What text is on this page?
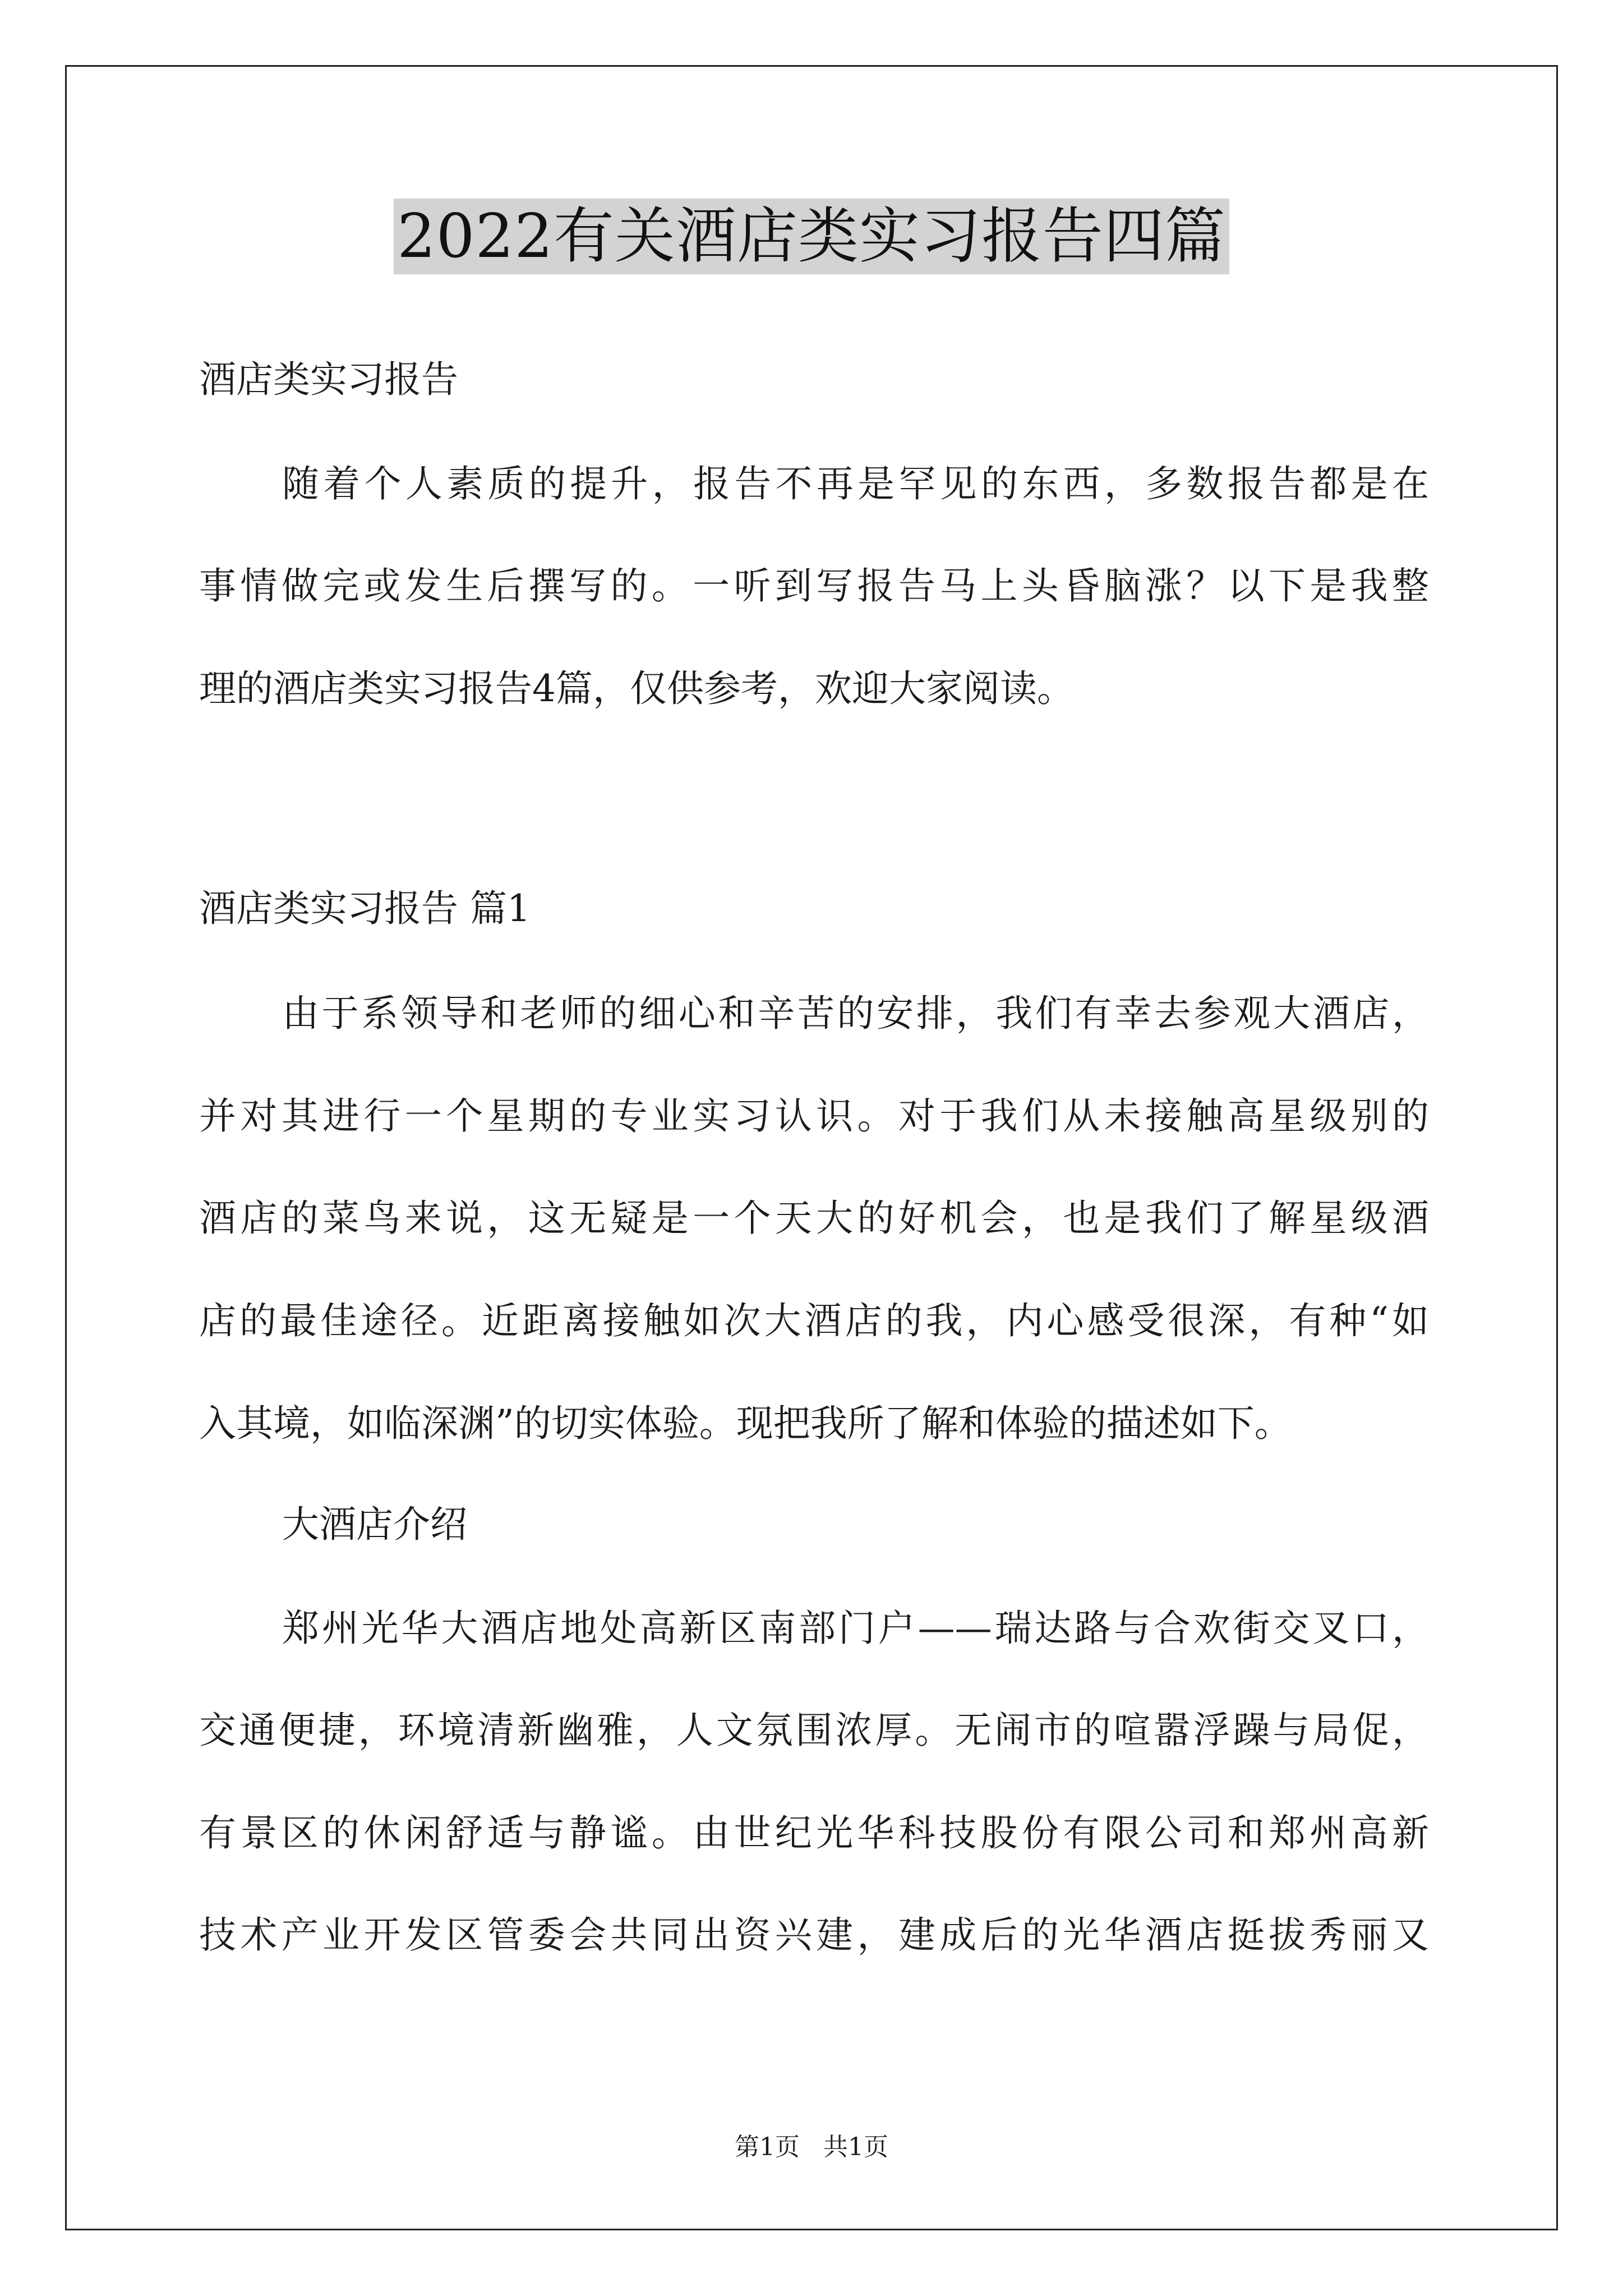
2022有关酒店类实习报告四篇
酒店类实习报告
随着个人素质的提升，报告不再是罕见的东西，多数报告都是在
事情做完或发生后撰写的。一听到写报告马上头昏脑涨？以下是我整
理的酒店类实习报告4篇，仅供参考，欢迎大家阅读。
酒店类实习报告 篇1
由于系领导和老师的细心和辛苦的安排，我们有幸去参观大酒店，
并对其进行一个星期的专业实习认识。对于我们从未接触高星级别的
酒店的菜鸟来说，这无疑是一个天大的好机会，也是我们了解星级酒
店的最佳途径。近距离接触如次大酒店的我，内心感受很深，有种“如
入其境，如临深渊”的切实体验。现把我所了解和体验的描述如下。
大酒店介绍
郑州光华大酒店地处高新区南部门户——瑞达路与合欢街交叉口，
交通便捷，环境清新幽雅，人文氛围浓厚。无闹市的喧嚣浮躁与局促，
有景区的休闲舒适与静谧。由世纪光华科技股份有限公司和郑州高新
技术产业开发区管委会共同出资兴建，建成后的光华酒店挺拔秀丽又
第1页 共1页
